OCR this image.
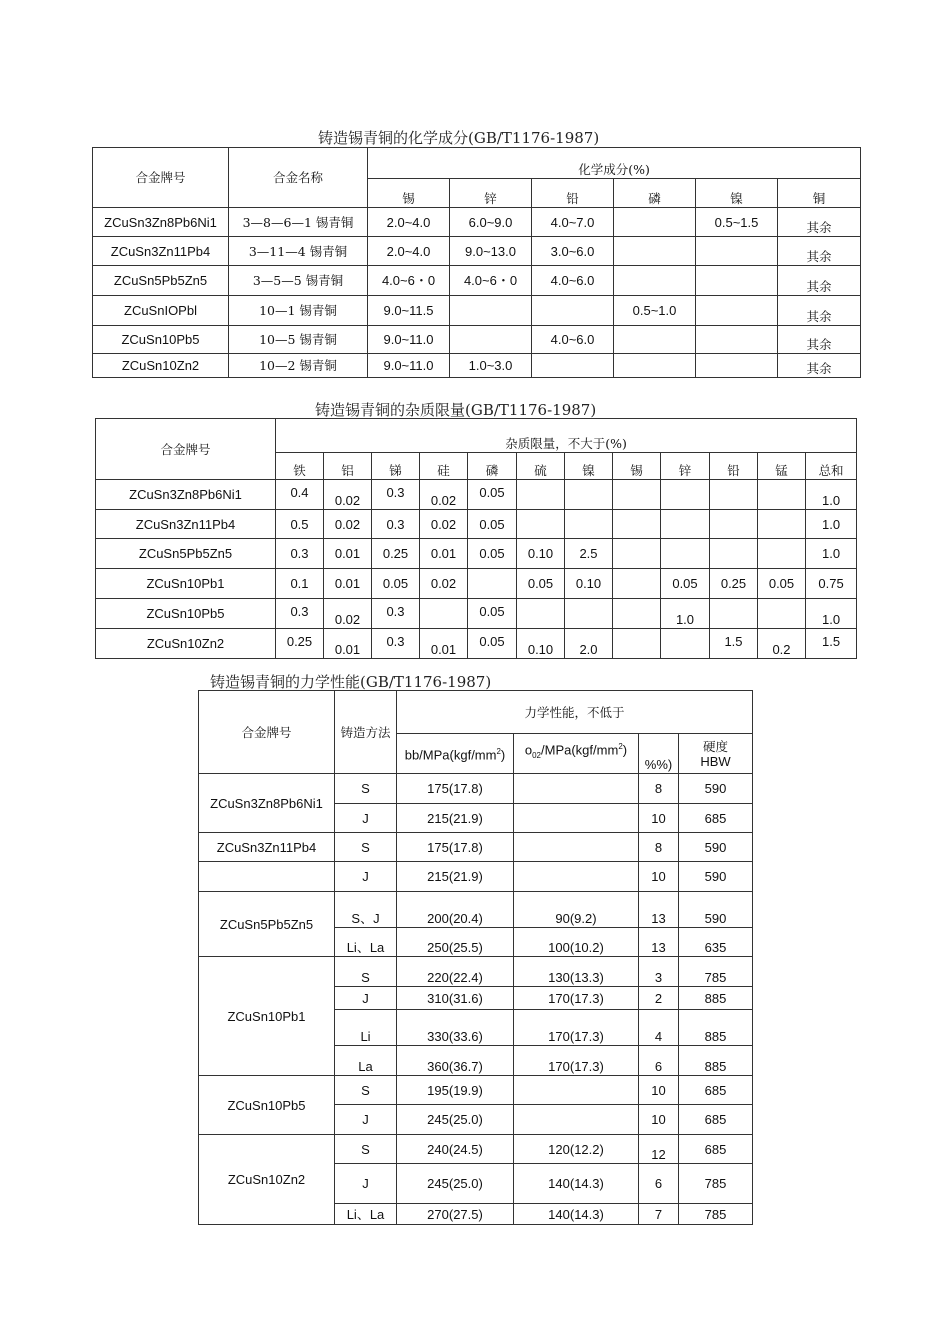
铸造锡青铜的化学成分(GB/T1176-1987)
合金牌号	合金名称	化学成分(%)					
		锡	锌	铅	磷	镍	铜
ZCuSn3Zn8Pb6Ni1	3—8—6—1 锡青铜	2.0~4.0	6.0~9.0	4.0~7.0		0.5~1.5	其余
ZCuSn3Zn11Pb4	3—11—4 锡青铜	2.0~4.0	9.0~13.0	3.0~6.0			其余
ZCuSn5Pb5Zn5	3—5—5 锡青铜	4.0~6・0	4.0~6・0	4.0~6.0			其余
ZCuSnIOPbl	10—1 锡青铜	9.0~11.5			0.5~1.0		其余
ZCuSn10Pb5	10—5 锡青铜	9.0~11.0		4.0~6.0			其余
ZCuSn10Zn2	10—2 锡青铜	9.0~11.0	1.0~3.0				其余
铸造锡青铜的杂质限量(GB/T1176-1987)
合金牌号	杂质限量，不大于(%)											
	铁	铝	锑	硅	磷	硫	镍	锡	锌	铅	锰	总和
ZCuSn3Zn8Pb6Ni1	0.4	0.02	0.3	0.02	0.05							1.0
ZCuSn3Zn11Pb4	0.5	0.02	0.3	0.02	0.05							1.0
ZCuSn5Pb5Zn5	0.3	0.01	0.25	0.01	0.05	0.10	2.5					1.0
ZCuSn10Pb1	0.1	0.01	0.05	0.02		0.05	0.10		0.05	0.25	0.05	0.75
ZCuSn10Pb5	0.3	0.02	0.3		0.05				1.0			1.0
ZCuSn10Zn2	0.25	0.01	0.3	0.01	0.05	0.10	2.0			1.5	0.2	1.5
铸造锡青铜的力学性能(GB/T1176-1987)
合金牌号	铸造方法	力学性能，不低于			
		$bb/MPa(kgf/mm^2)$	$o_{02}/MPa(kgf/mm^2)$	%%)	硬度
HBW
ZCuSn3Zn8Pb6Ni1	S	175(17.8)		8	590
	J	215(21.9)		10	685
ZCuSn3Zn11Pb4	S	175(17.8)		8	590
	J	215(21.9)		10	590
ZCuSn5Pb5Zn5	S、J	200(20.4)	90(9.2)	13	590
	Li、La	250(25.5)	100(10.2)	13	635
ZCuSn10Pb1	S	220(22.4)	130(13.3)	3	785
	J	310(31.6)	170(17.3)	2	885
	Li	330(33.6)	170(17.3)	4	885
	La	360(36.7)	170(17.3)	6	885
ZCuSn10Pb5	S	195(19.9)		10	685
	J	245(25.0)		10	685
ZCuSn10Zn2	S	240(24.5)	120(12.2)	12	685
	J	245(25.0)	140(14.3)	6	785
	Li、La	270(27.5)	140(14.3)	7	785
